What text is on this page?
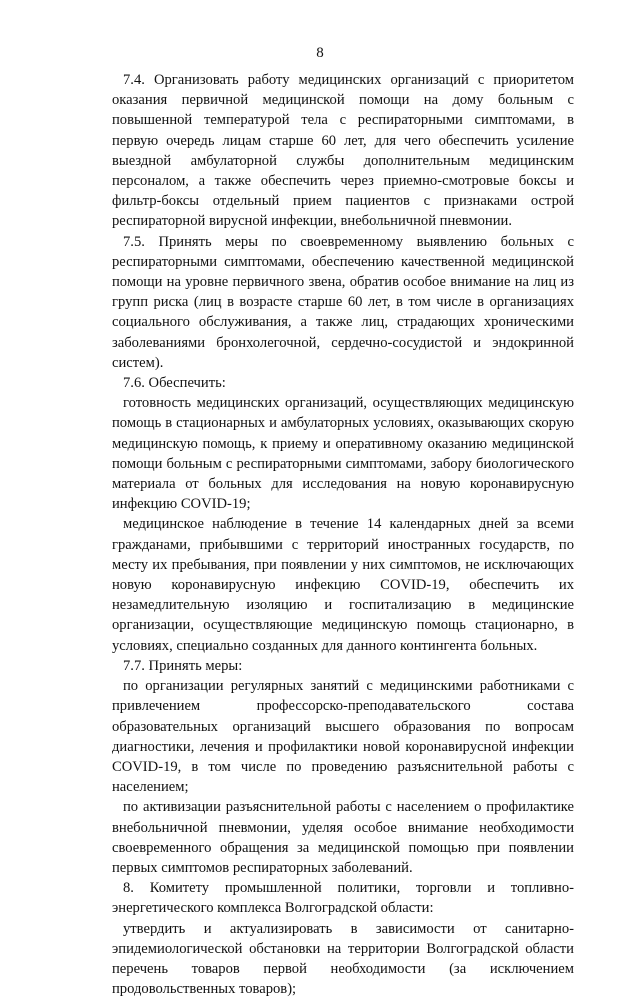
8

7.4. Организовать работу медицинских организаций с приоритетом оказания первичной медицинской помощи на дому больным с повышенной температурой тела с респираторными симптомами, в первую очередь лицам старше 60 лет, для чего обеспечить усиление выездной амбулаторной службы дополнительным медицинским персоналом, а также обеспечить через приемно-смотровые боксы и фильтр-боксы отдельный прием пациентов с признаками острой респираторной вирусной инфекции, внебольничной пневмонии.

7.5. Принять меры по своевременному выявлению больных с респираторными симптомами, обеспечению качественной медицинской помощи на уровне первичного звена, обратив особое внимание на лиц из групп риска (лиц в возрасте старше 60 лет, в том числе в организациях социального обслуживания, а также лиц, страдающих хроническими заболеваниями бронхолегочной, сердечно-сосудистой и эндокринной систем).

7.6. Обеспечить:

готовность медицинских организаций, осуществляющих медицинскую помощь в стационарных и амбулаторных условиях, оказывающих скорую медицинскую помощь, к приему и оперативному оказанию медицинской помощи больным с респираторными симптомами, забору биологического материала от больных для исследования на новую коронавирусную инфекцию COVID-19;

медицинское наблюдение в течение 14 календарных дней за всеми гражданами, прибывшими с территорий иностранных государств, по месту их пребывания, при появлении у них симптомов, не исключающих новую коронавирусную инфекцию COVID-19, обеспечить их незамедлительную изоляцию и госпитализацию в медицинские организации, осуществляющие медицинскую помощь стационарно, в условиях, специально созданных для данного контингента больных.

7.7. Принять меры:

по организации регулярных занятий с медицинскими работниками с привлечением профессорско-преподавательского состава образовательных организаций высшего образования по вопросам диагностики, лечения и профилактики новой коронавирусной инфекции COVID-19, в том числе по проведению разъяснительной работы с населением;

по активизации разъяснительной работы с населением о профилактике внебольничной пневмонии, уделяя особое внимание необходимости своевременного обращения за медицинской помощью при появлении первых симптомов респираторных заболеваний.

8. Комитету промышленной политики, торговли и топливно-энергетического комплекса Волгоградской области:

утвердить и актуализировать в зависимости от санитарно-эпидемиологической обстановки на территории Волгоградской области перечень товаров первой необходимости (за исключением продовольственных товаров);
